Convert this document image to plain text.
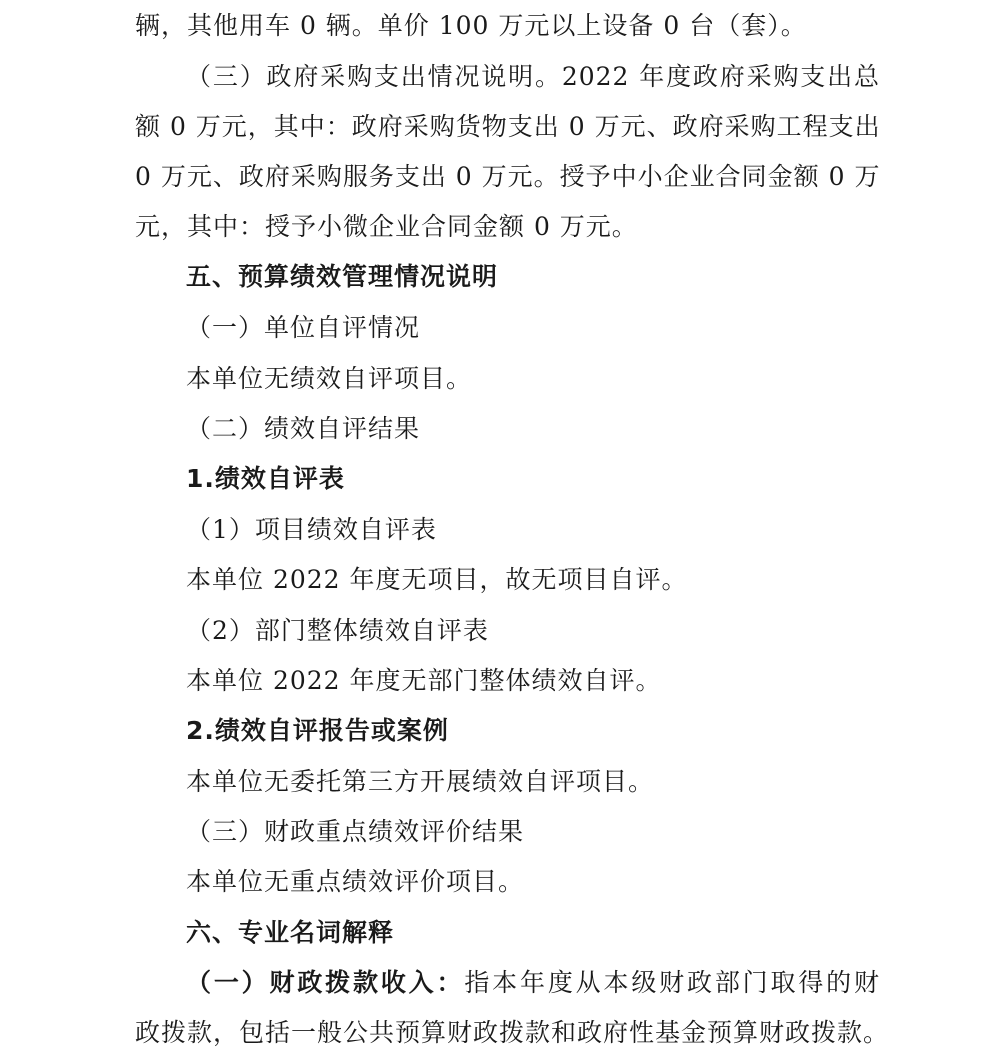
辆，其他用车 0 辆。单价 100 万元以上设备 0 台（套）。
（三）政府采购支出情况说明。2022 年度政府采购支出总
额 0 万元，其中：政府采购货物支出 0 万元、政府采购工程支出
0 万元、政府采购服务支出 0 万元。授予中小企业合同金额 0 万
元，其中：授予小微企业合同金额 0 万元。
五、预算绩效管理情况说明
（一）单位自评情况
本单位无绩效自评项目。
（二）绩效自评结果
1.绩效自评表
（1）项目绩效自评表
本单位 2022 年度无项目，故无项目自评。
（2）部门整体绩效自评表
本单位 2022 年度无部门整体绩效自评。
2.绩效自评报告或案例
本单位无委托第三方开展绩效自评项目。
（三）财政重点绩效评价结果
本单位无重点绩效评价项目。
六、专业名词解释
（一）财政拨款收入：指本年度从本级财政部门取得的财
政拨款，包括一般公共预算财政拨款和政府性基金预算财政拨款。
